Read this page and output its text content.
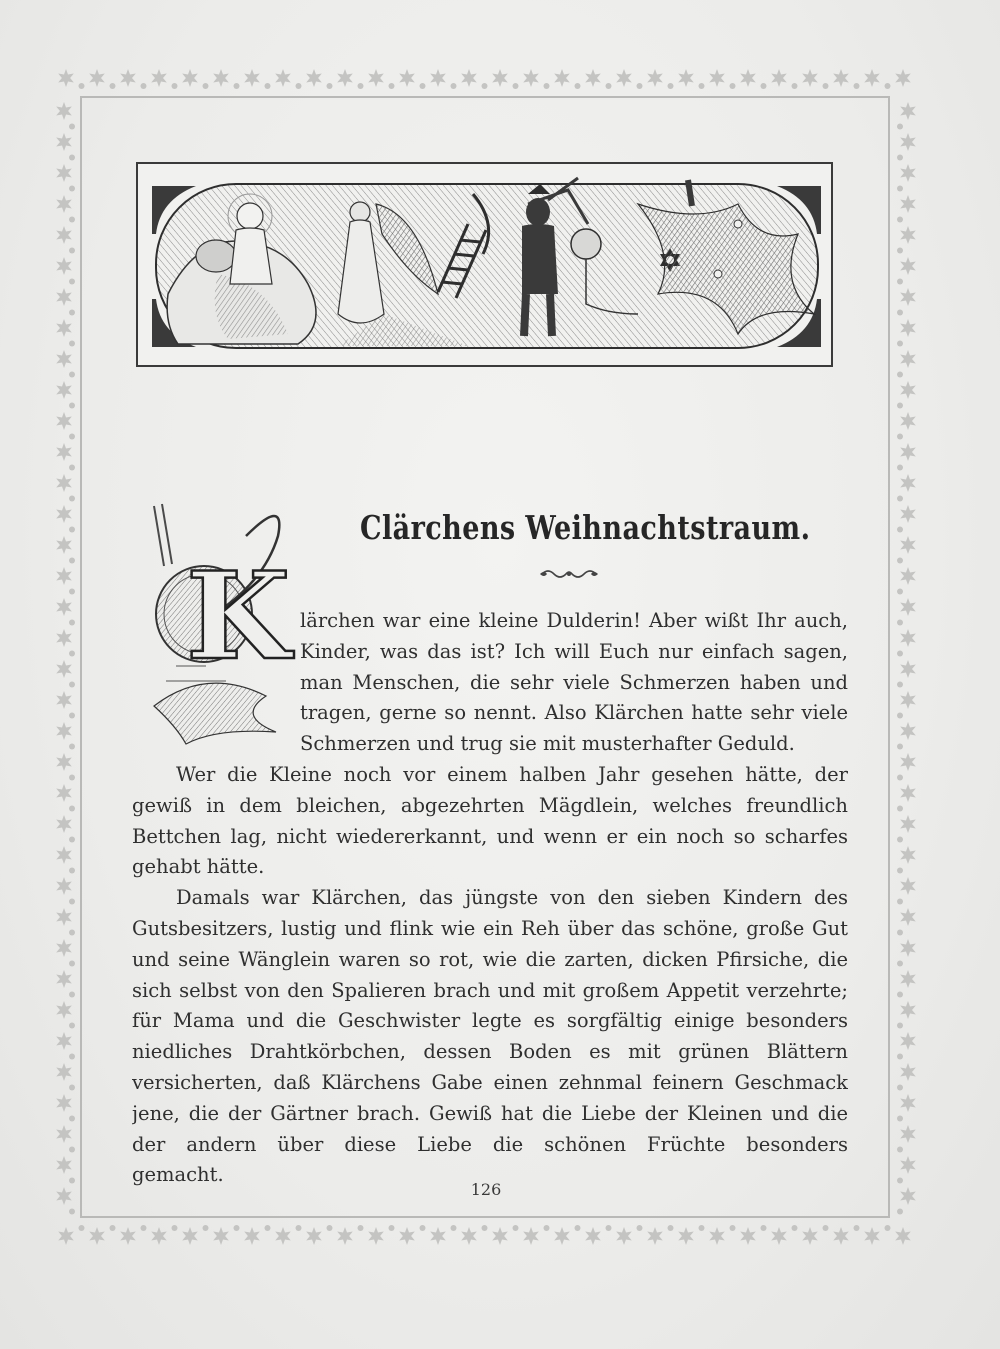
K
Clärchens Weihnachtstraum.
lärchen war eine kleine Dulderin! Aber wißt Ihr auch,
Kinder, was das ist? Ich will Euch nur einfach sagen,
man Menschen, die sehr viele Schmerzen haben und
tragen, gerne so nennt. Also Klärchen hatte sehr viele
Schmerzen und trug sie mit musterhafter Geduld.
Wer die Kleine noch vor einem halben Jahr gesehen hätte, der
gewiß in dem bleichen, abgezehrten Mägdlein, welches freundlich
Bettchen lag, nicht wiedererkannt, und wenn er ein noch so scharfes
gehabt hätte.
Damals war Klärchen, das jüngste von den sieben Kindern des
Gutsbesitzers, lustig und flink wie ein Reh über das schöne, große Gut
und seine Wänglein waren so rot, wie die zarten, dicken Pfirsiche, die
sich selbst von den Spalieren brach und mit großem Appetit verzehrte;
für Mama und die Geschwister legte es sorgfältig einige besonders
niedliches Drahtkörbchen, dessen Boden es mit grünen Blättern
versicherten, daß Klärchens Gabe einen zehnmal feinern Geschmack
jene, die der Gärtner brach. Gewiß hat die Liebe der Kleinen und die
der andern über diese Liebe die schönen Früchte besonders
gemacht.
126
